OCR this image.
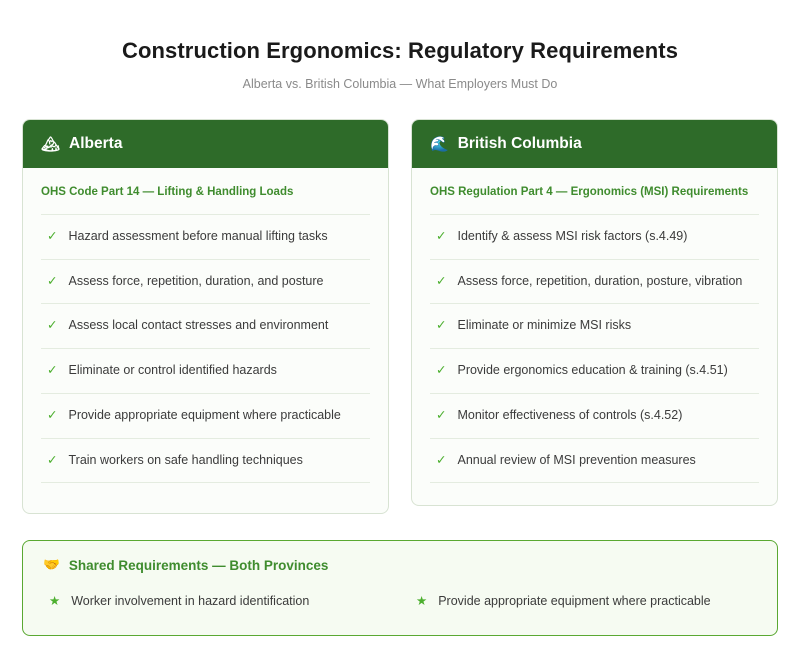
Construction Ergonomics: Regulatory Requirements
Alberta vs. British Columbia — What Employers Must Do
🏔 Alberta
OHS Code Part 14 — Lifting & Handling Loads
✓ Hazard assessment before manual lifting tasks
✓ Assess force, repetition, duration, and posture
✓ Assess local contact stresses and environment
✓ Eliminate or control identified hazards
✓ Provide appropriate equipment where practicable
✓ Train workers on safe handling techniques
🌊 British Columbia
OHS Regulation Part 4 — Ergonomics (MSI) Requirements
✓ Identify & assess MSI risk factors (s.4.49)
✓ Assess force, repetition, duration, posture, vibration
✓ Eliminate or minimize MSI risks
✓ Provide ergonomics education & training (s.4.51)
✓ Monitor effectiveness of controls (s.4.52)
✓ Annual review of MSI prevention measures
🤝 Shared Requirements — Both Provinces
★ Worker involvement in hazard identification	★ Provide appropriate equipment where practicable
